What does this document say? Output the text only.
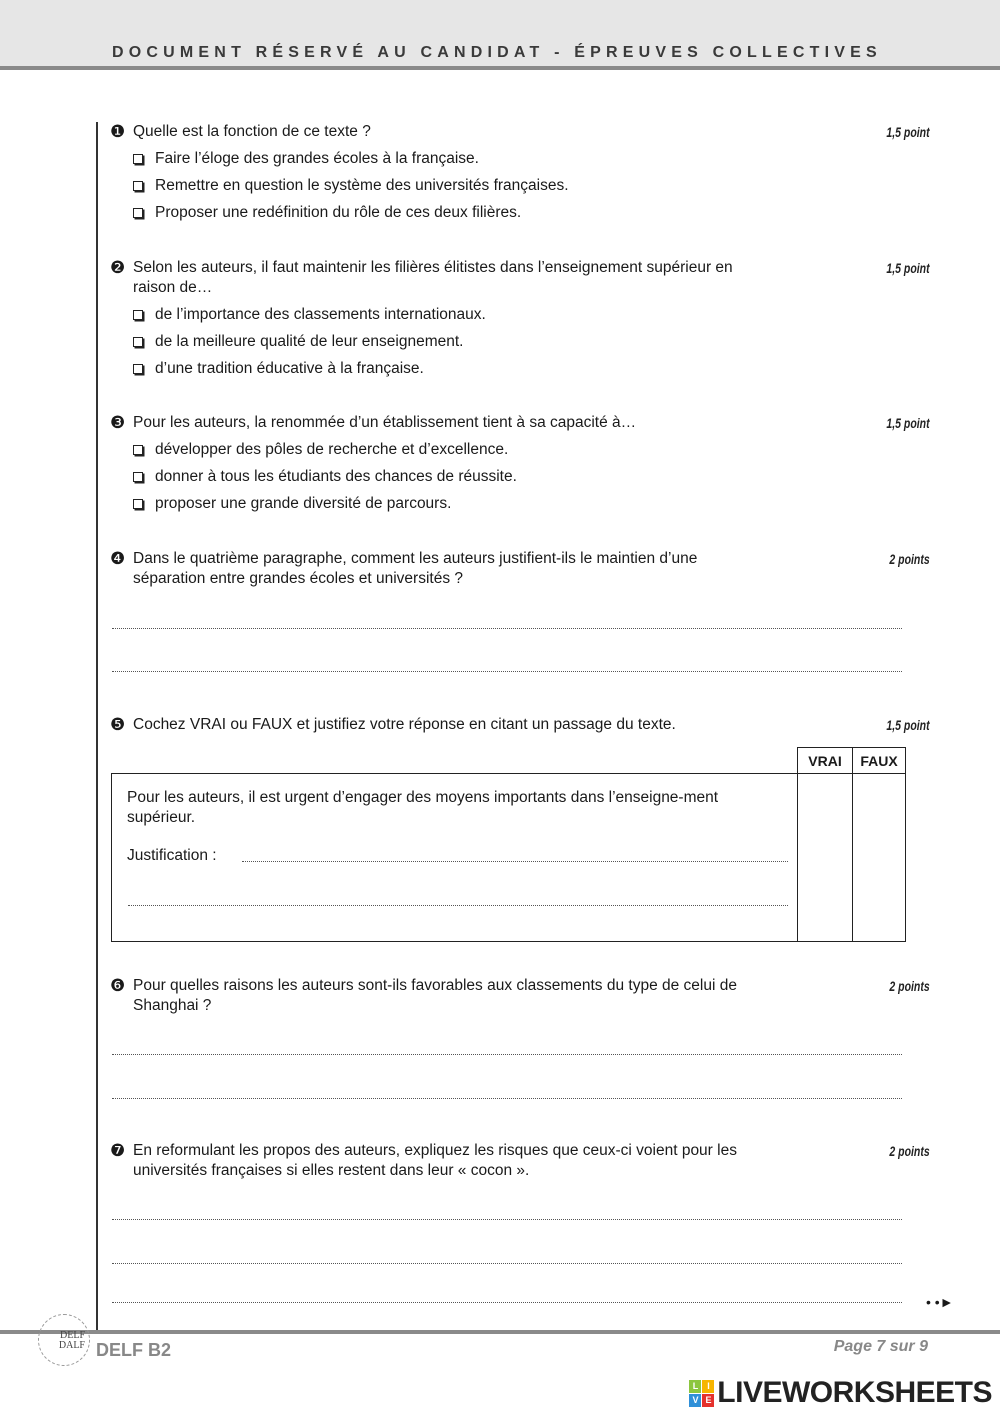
DOCUMENT RÉSERVÉ AU CANDIDAT - ÉPREUVES COLLECTIVES
❶ Quelle est la fonction de ce texte ?	1,5 point
Faire l’éloge des grandes écoles à la française.
Remettre en question le système des universités françaises.
Proposer une redéfinition du rôle de ces deux filières.
❷ Selon les auteurs, il faut maintenir les filières élitistes dans l’enseignement supérieur en raison de…
1,5 point
de l’importance des classements internationaux.
de la meilleure qualité de leur enseignement.
d’une tradition éducative à la française.
❸ Pour les auteurs, la renommée d’un établissement tient à sa capacité à…	1,5 point
développer des pôles de recherche et d’excellence.
donner à tous les étudiants des chances de réussite.
proposer une grande diversité de parcours.
❹ Dans le quatrième paragraphe, comment les auteurs justifient-ils le maintien d’une séparation entre grandes écoles et universités ?
2 points
❺ Cochez VRAI ou FAUX et justifiez votre réponse en citant un passage du texte.	1,5 point
VRAI	FAUX
Pour les auteurs, il est urgent d’engager des moyens importants dans l’enseigne-ment supérieur.
Justification :
❻ Pour quelles raisons les auteurs sont-ils favorables aux classements du type de celui de Shanghai ?
2 points
❼ En reformulant les propos des auteurs, expliquez les risques que ceux-ci voient pour les universités françaises si elles restent dans leur « cocon ».
2 points
• •►
DELF DALF DELF B2	Page 7 sur 9
L	I
V E LIVEWORKSHEETS
